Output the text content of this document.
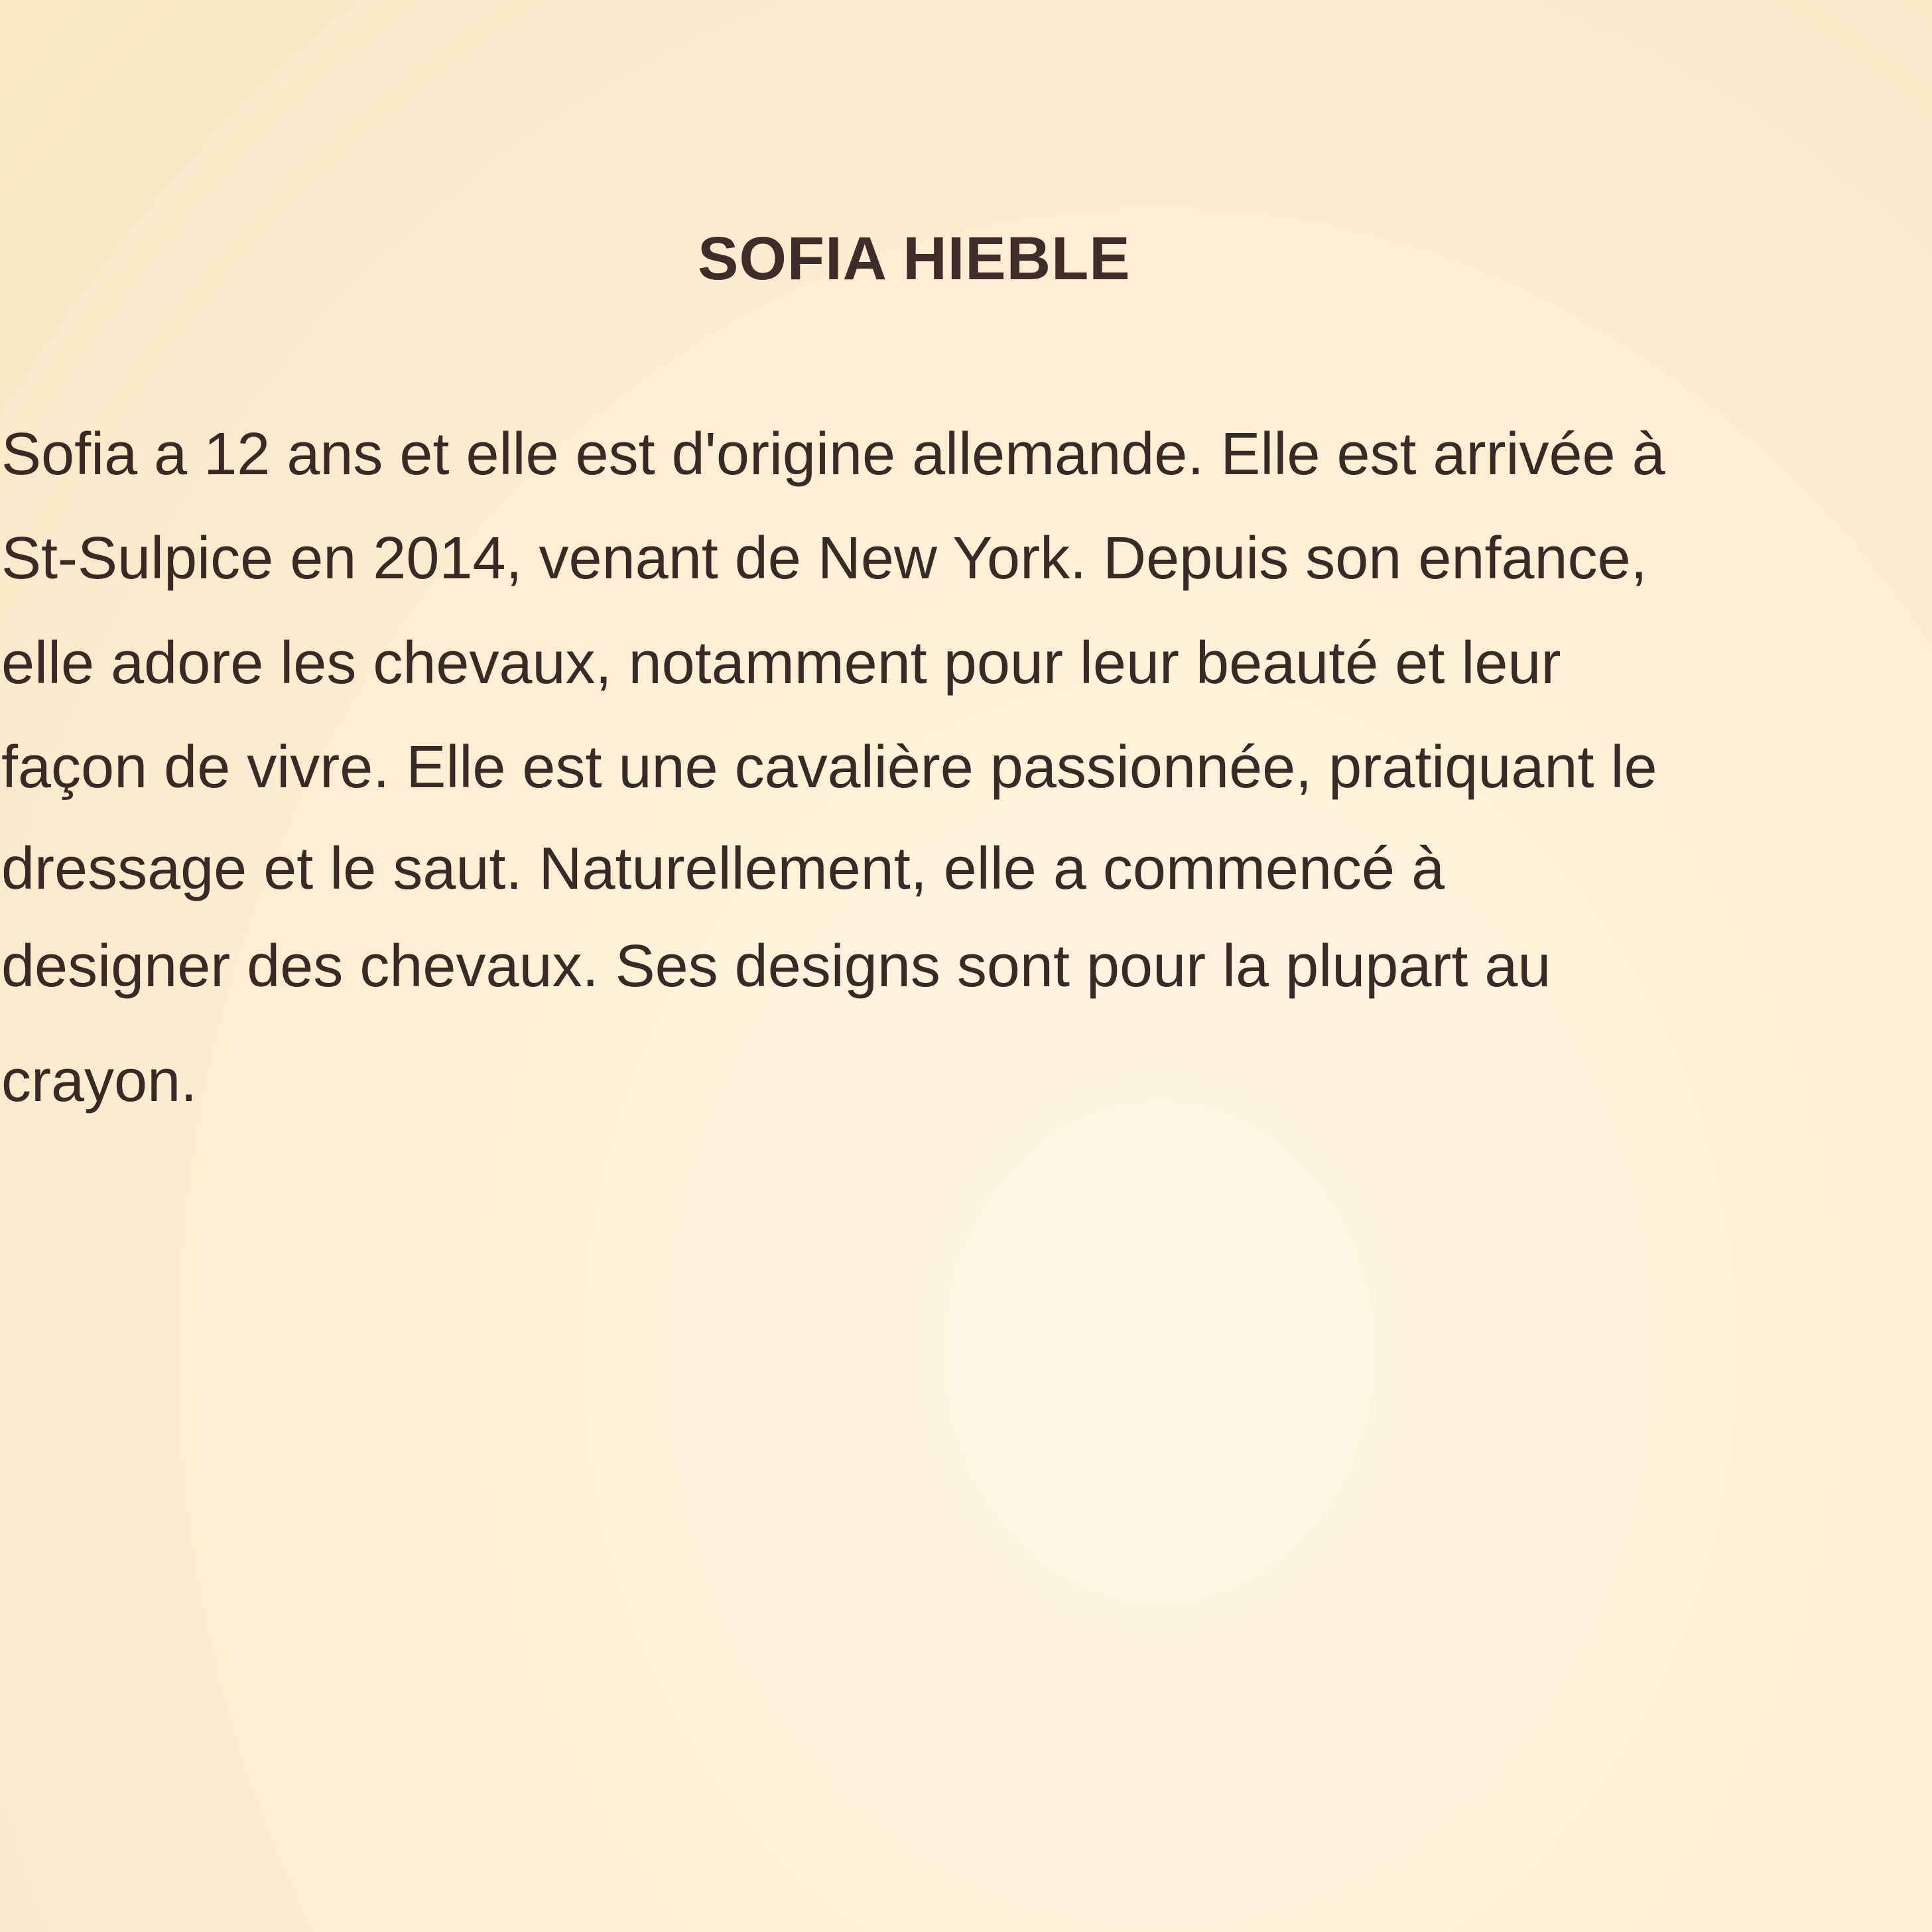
SOFIA HIEBLE

Sofia a 12 ans et elle est d'origine allemande. Elle est arrivée à

St-Sulpice en 2014, venant de New York. Depuis son enfance,

elle adore les chevaux, notamment pour leur beauté et leur

façon de vivre. Elle est une cavalière passionnée, pratiquant le

dressage et le saut. Naturellement, elle a commencé à

designer des chevaux. Ses designs sont pour la plupart au

crayon.
